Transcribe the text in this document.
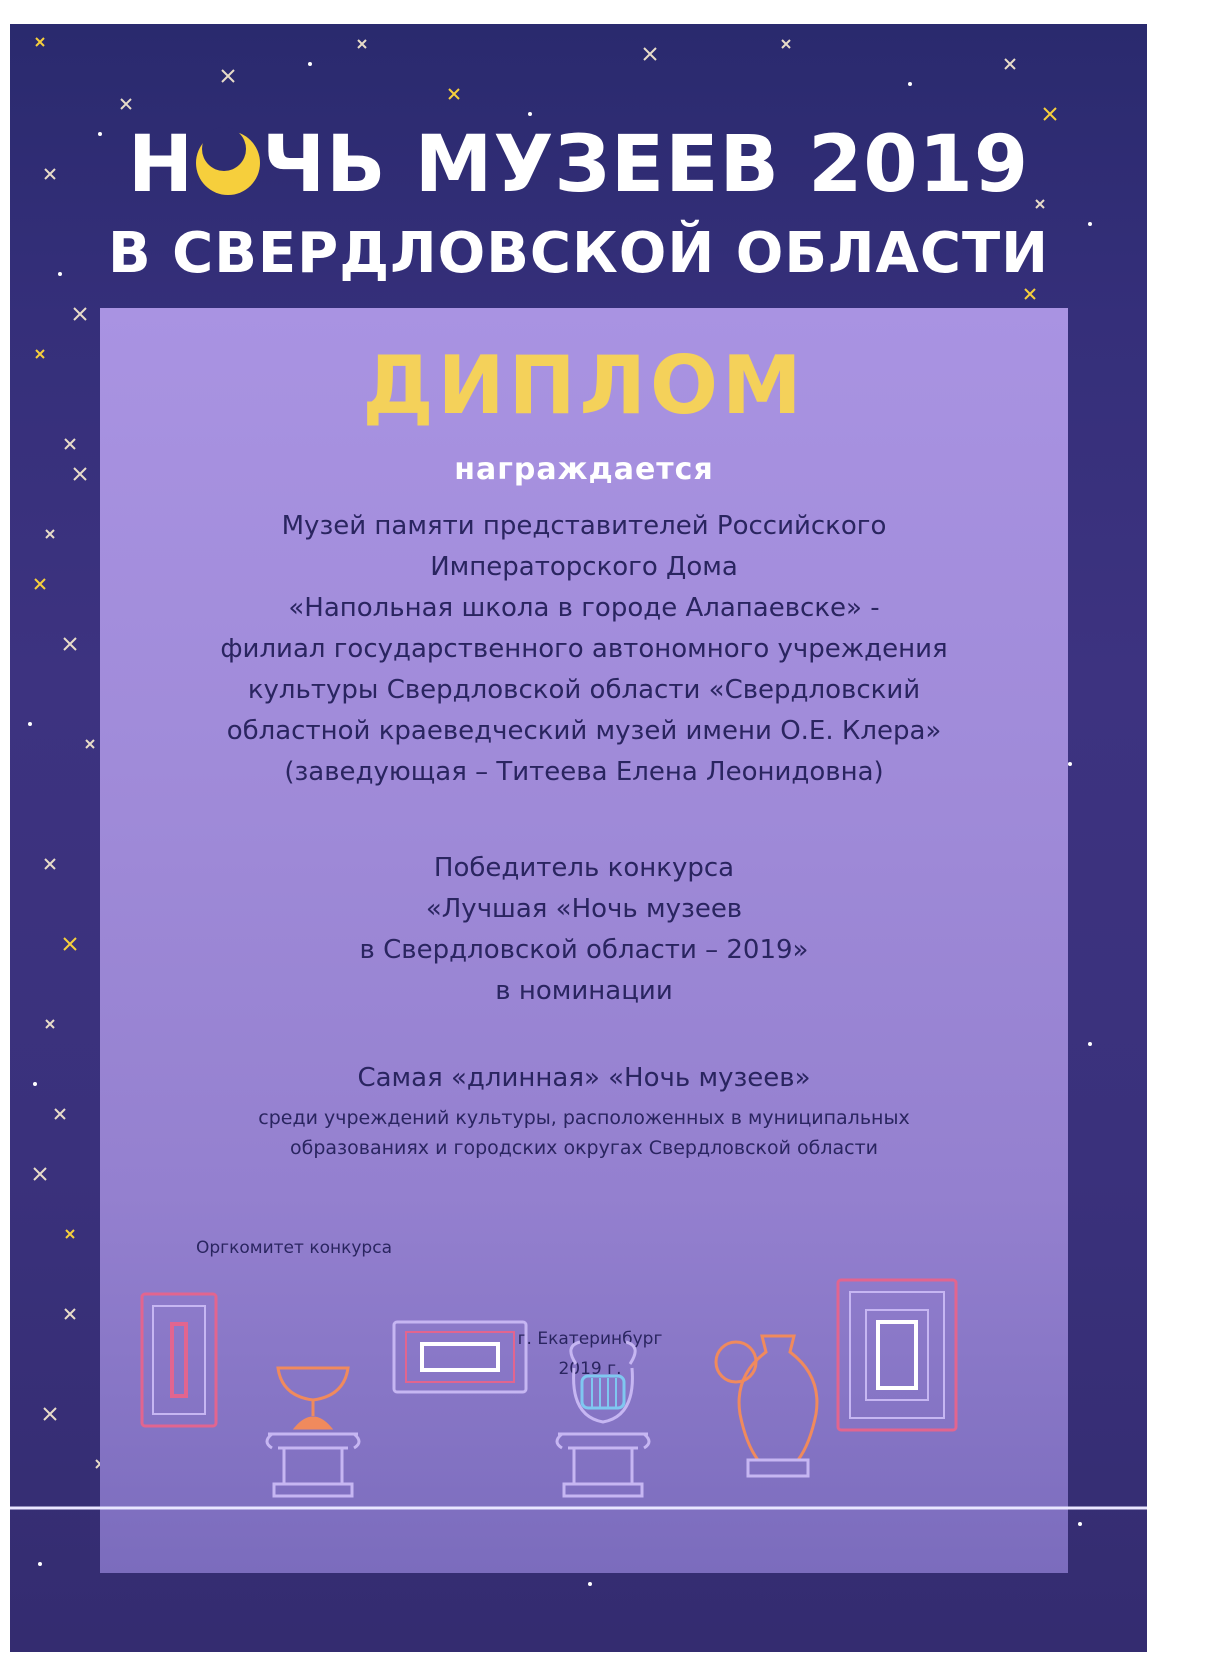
Н ЧЬ МУЗЕЕВ 2019
В СВЕРДЛОВСКОЙ ОБЛАСТИ
ДИПЛОМ
награждается
Музей памяти представителей Российского
Императорского Дома
«Напольная школа в городе Алапаевске» -
филиал государственного автономного учреждения
культуры Свердловской области «Свердловский
областной краеведческий музей имени О.Е. Клера»
(заведующая – Титеева Елена Леонидовна)
Победитель конкурса
«Лучшая «Ночь музеев
в Свердловской области – 2019»
в номинации
Самая «длинная» «Ночь музеев»
среди учреждений культуры, расположенных в муниципальных
образованиях и городских округах Свердловской области
Оргкомитет конкурса
г. Екатеринбург
2019 г.
